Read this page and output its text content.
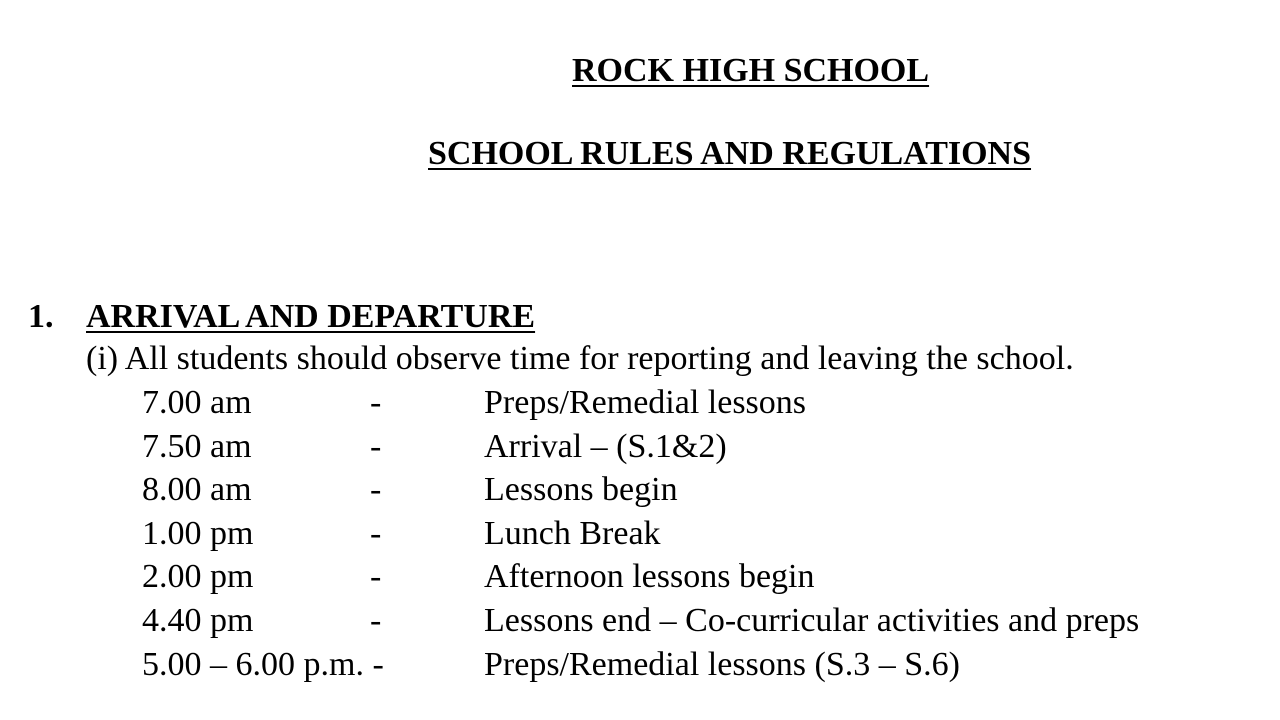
ROCK HIGH SCHOOL
SCHOOL RULES AND REGULATIONS
1. ARRIVAL AND DEPARTURE
(i) All students should observe time for reporting and leaving the school.
7.00 am	-	Preps/Remedial lessons
7.50 am	-	Arrival – (S.1&2)
8.00 am	-	Lessons begin
1.00 pm	-	Lunch Break
2.00 pm	-	Afternoon lessons begin
4.40 pm	-	Lessons end – Co-curricular activities and preps
5.00 – 6.00 p.m. -	Preps/Remedial lessons (S.3 – S.6)
